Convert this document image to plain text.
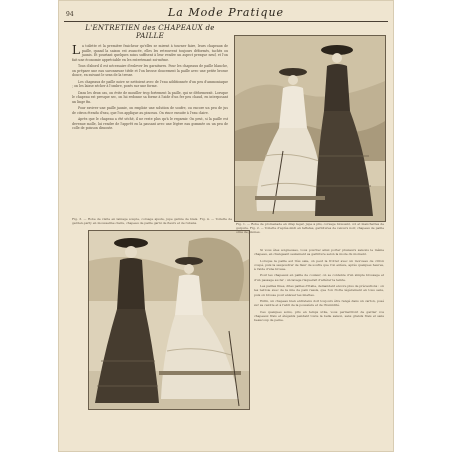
94	La Mode Pratique
L'ENTRETIEN des CHAPEAUX de PAILLE

La toilette et la première fraicheur qu'elles se mirent à tourner faire, leurs chapeaux de paille, quand la saison est avancée, elles les retrouvent toujours déformés, tachés ou jaunis. Et pourtant quelques soins suffisent à leur rendre un aspect presque neuf, et l'on fait une économie appréciable en les entretenant soi-même.

Tous d'abord il est nécessaire d'enlever les garnitures. Pour les chapeaux de paille blanche, on prépare une eau savonneuse tiède et l'on brosse doucement la paille avec une petite brosse douce, en suivant le sens de la tresse.

Les chapeaux de paille noire se nettoient avec de l'eau additionnée d'un peu d'ammoniaque ; on les laisse sécher à l'ombre, posés sur une forme.

Dans les deux cas, on évite de mouiller trop fortement la paille, qui se déformerait. Lorsque le chapeau est presque sec, on lui redonne sa forme à l'aide d'un fer peu chaud, en interposant un linge fin.

Pour raviver une paille jaunie, on emploie une solution de soufre, ou encore un peu de jus de citron étendu d'eau, que l'on applique au pinceau. On rince ensuite à l'eau claire.

Après que le chapeau a été séché, il ne reste plus qu'à le regarnir. On peut, si la paille est devenue molle, lui rendre de l'apprêt en la passant avec une légère eau gommée ou un peu de colle de poisson dissoute.

Fig. 3. — Robe de visite en lainage souple, corsage ajusté, jupe garnie de biais. Fig. 4. — Toilette de garden-party en mousseline claire, chapeau de paille garni de fleurs et de rubans.	Fig. 1. — Robe de promenade en drap léger, jupe à plis, corsage blousant, col et manchettes de guipure. Fig. 2. — Toilette d'après-midi en taffetas, garnitures de velours noir, chapeau de paille orné de plumes.

Si vous êtes soigneuses, vous pourrez ainsi porter plusieurs saisons le même chapeau, en changeant seulement sa garniture selon la mode du moment.

Lorsque la paille est très sale, on peut la frotter avec un morceau de citron coupé, puis la saupoudrer de fleur de soufre que l'on enlève, après quelques heures, à l'aide d'une brosse.

Pour les chapeaux en paille de couleur, on se contente d'un simple brossage et d'un passage au fer ; un lavage risquerait d'altérer la teinte.

Les pailles fines, dites pailles d'Italie, demandent encore plus de précautions : on les nettoie avec de la mie de pain rassis, que l'on frotte légèrement en tous sens, puis on brosse pour enlever les miettes.

Enfin, un chapeau bien entretenu doit toujours être rangé dans un carton, posé sur sa calotte et à l'abri de la poussière et de l'humidité.

Ces quelques soins, pris en temps utile, vous permettront de garder vos chapeaux frais et élégants pendant toute la belle saison, sans grands frais et sans beaucoup de peine.
